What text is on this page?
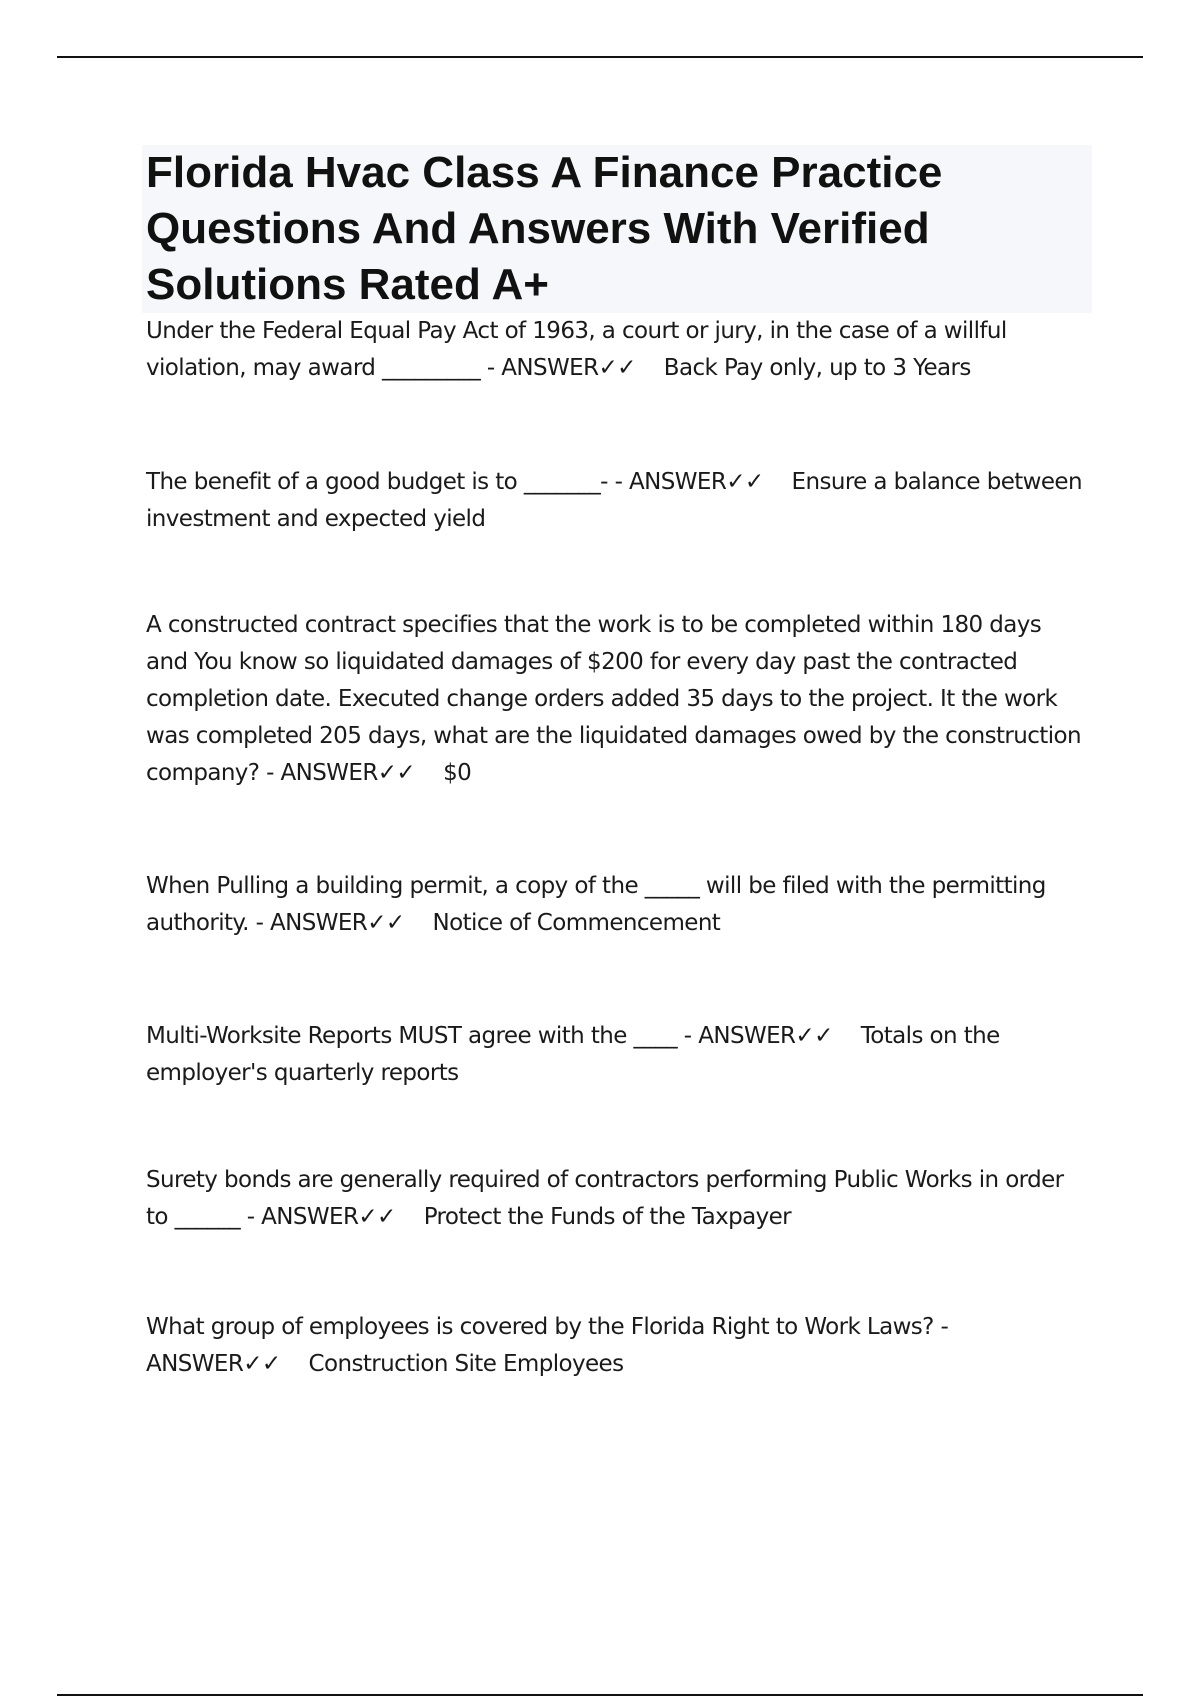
Florida Hvac Class A Finance Practice Questions And Answers With Verified Solutions Rated A+

Under the Federal Equal Pay Act of 1963, a court or jury, in the case of a willful violation, may award _________ - ANSWER✓✓ Back Pay only, up to 3 Years

The benefit of a good budget is to _______- - ANSWER✓✓ Ensure a balance between investment and expected yield

A constructed contract specifies that the work is to be completed within 180 days and You know so liquidated damages of $200 for every day past the contracted completion date. Executed change orders added 35 days to the project. It the work was completed 205 days, what are the liquidated damages owed by the construction company? - ANSWER✓✓ $0

When Pulling a building permit, a copy of the _____ will be filed with the permitting authority. - ANSWER✓✓ Notice of Commencement

Multi-Worksite Reports MUST agree with the ____ - ANSWER✓✓ Totals on the employer's quarterly reports

Surety bonds are generally required of contractors performing Public Works in order to ______ - ANSWER✓✓ Protect the Funds of the Taxpayer

What group of employees is covered by the Florida Right to Work Laws? - ANSWER✓✓ Construction Site Employees
